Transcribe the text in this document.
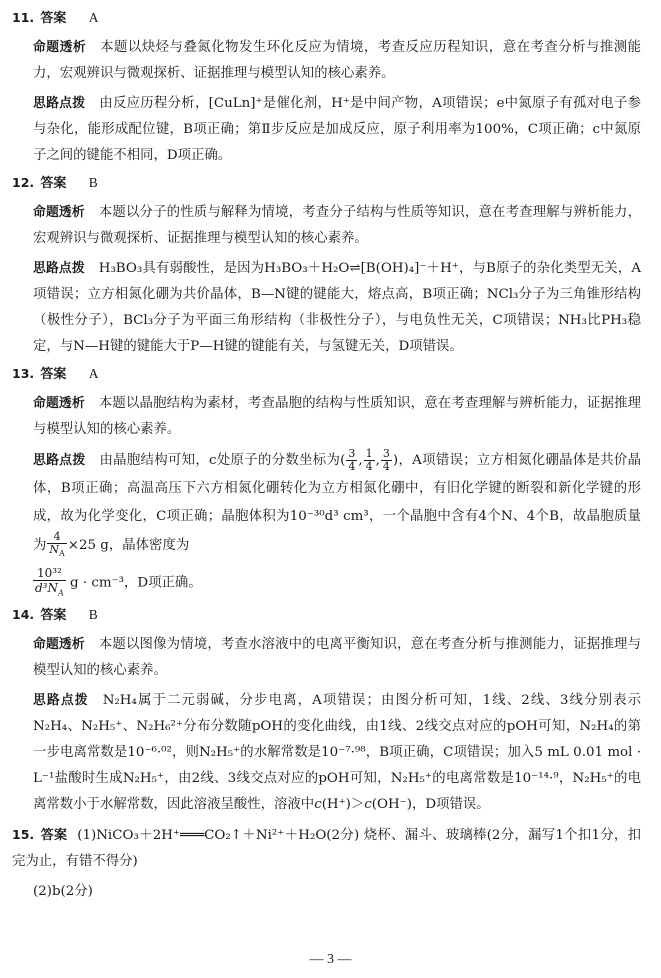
11. 答案 A
命题透析 本题以炔烃与叠氮化物发生环化反应为情境，考查反应历程知识，意在考查分析与推测能力，宏观辨识与微观探析、证据推理与模型认知的核心素养。
思路点拨 由反应历程分析，[CuLn]⁺是催化剂，H⁺是中间产物，A项错误；e中氮原子有孤对电子参与杂化，能形成配位键，B项正确；第Ⅱ步反应是加成反应，原子利用率为100%，C项正确；c中氮原子之间的键能不相同，D项正确。
12. 答案 B
命题透析 本题以分子的性质与解释为情境，考查分子结构与性质等知识，意在考查理解与辨析能力，宏观辨识与微观探析、证据推理与模型认知的核心素养。
思路点拨 H₃BO₃具有弱酸性，是因为H₃BO₃＋H₂O⇌[B(OH)₄]⁻＋H⁺，与B原子的杂化类型无关，A项错误；立方相氮化硼为共价晶体，B—N键的键能大，熔点高，B项正确；NCl₃分子为三角锥形结构（极性分子），BCl₃分子为平面三角形结构（非极性分子），与电负性无关，C项错误；NH₃比PH₃稳定，与N—H键的键能大于P—H键的键能有关，与氢键无关，D项错误。
13. 答案 A
命题透析 本题以晶胞结构为素材，考查晶胞的结构与性质知识，意在考查理解与辨析能力，证据推理与模型认知的核心素养。
思路点拨 由晶胞结构可知，c处原子的分数坐标为( $\frac{3}{4}$ , $\frac{1}{4}$ , $\frac{3}{4}$ )，A项错误；立方相氮化硼晶体是共价晶体，B项正确；高温高压下六方相氮化硼转化为立方相氮化硼中，有旧化学键的断裂和新化学键的形成，故为化学变化，C项正确；晶胞体积为10⁻³⁰d³ cm³，一个晶胞中含有4个N、4个B，故晶胞质量为 $\frac{4}{N_A} \times 25$ g，晶体密度为
$\frac{\text{10³²}}{d^3N_A}$ g · cm⁻³，D项正确。
14. 答案 B
命题透析 本题以图像为情境，考查水溶液中的电离平衡知识，意在考查分析与推测能力，证据推理与模型认知的核心素养。
思路点拨 N₂H₄属于二元弱碱，分步电离，A项错误；由图分析可知，1线、2线、3线分别表示N₂H₄、N₂H₅⁺、N₂H₆²⁺分布分数随pOH的变化曲线，由1线、2线交点对应的pOH可知，N₂H₄的第一步电离常数是10⁻⁶·⁰²，则N₂H₅⁺的水解常数是10⁻⁷·⁹⁸，B项正确，C项错误；加入5 mL 0.01 mol · L⁻¹盐酸时生成N₂H₅⁺，由2线、3线交点对应的pOH可知，N₂H₅⁺的电离常数是10⁻¹⁴·⁹，N₂H₅⁺的电离常数小于水解常数，因此溶液呈酸性，溶液中c(H⁺)＞c(OH⁻)，D项错误。
15. 答案 (1)NiCO₃＋2H⁺═══CO₂↑＋Ni²⁺＋H₂O(2分) 烧杯、漏斗、玻璃棒(2分，漏写1个扣1分，扣完为止，有错不得分)
(2)b(2分)
— 3 —
